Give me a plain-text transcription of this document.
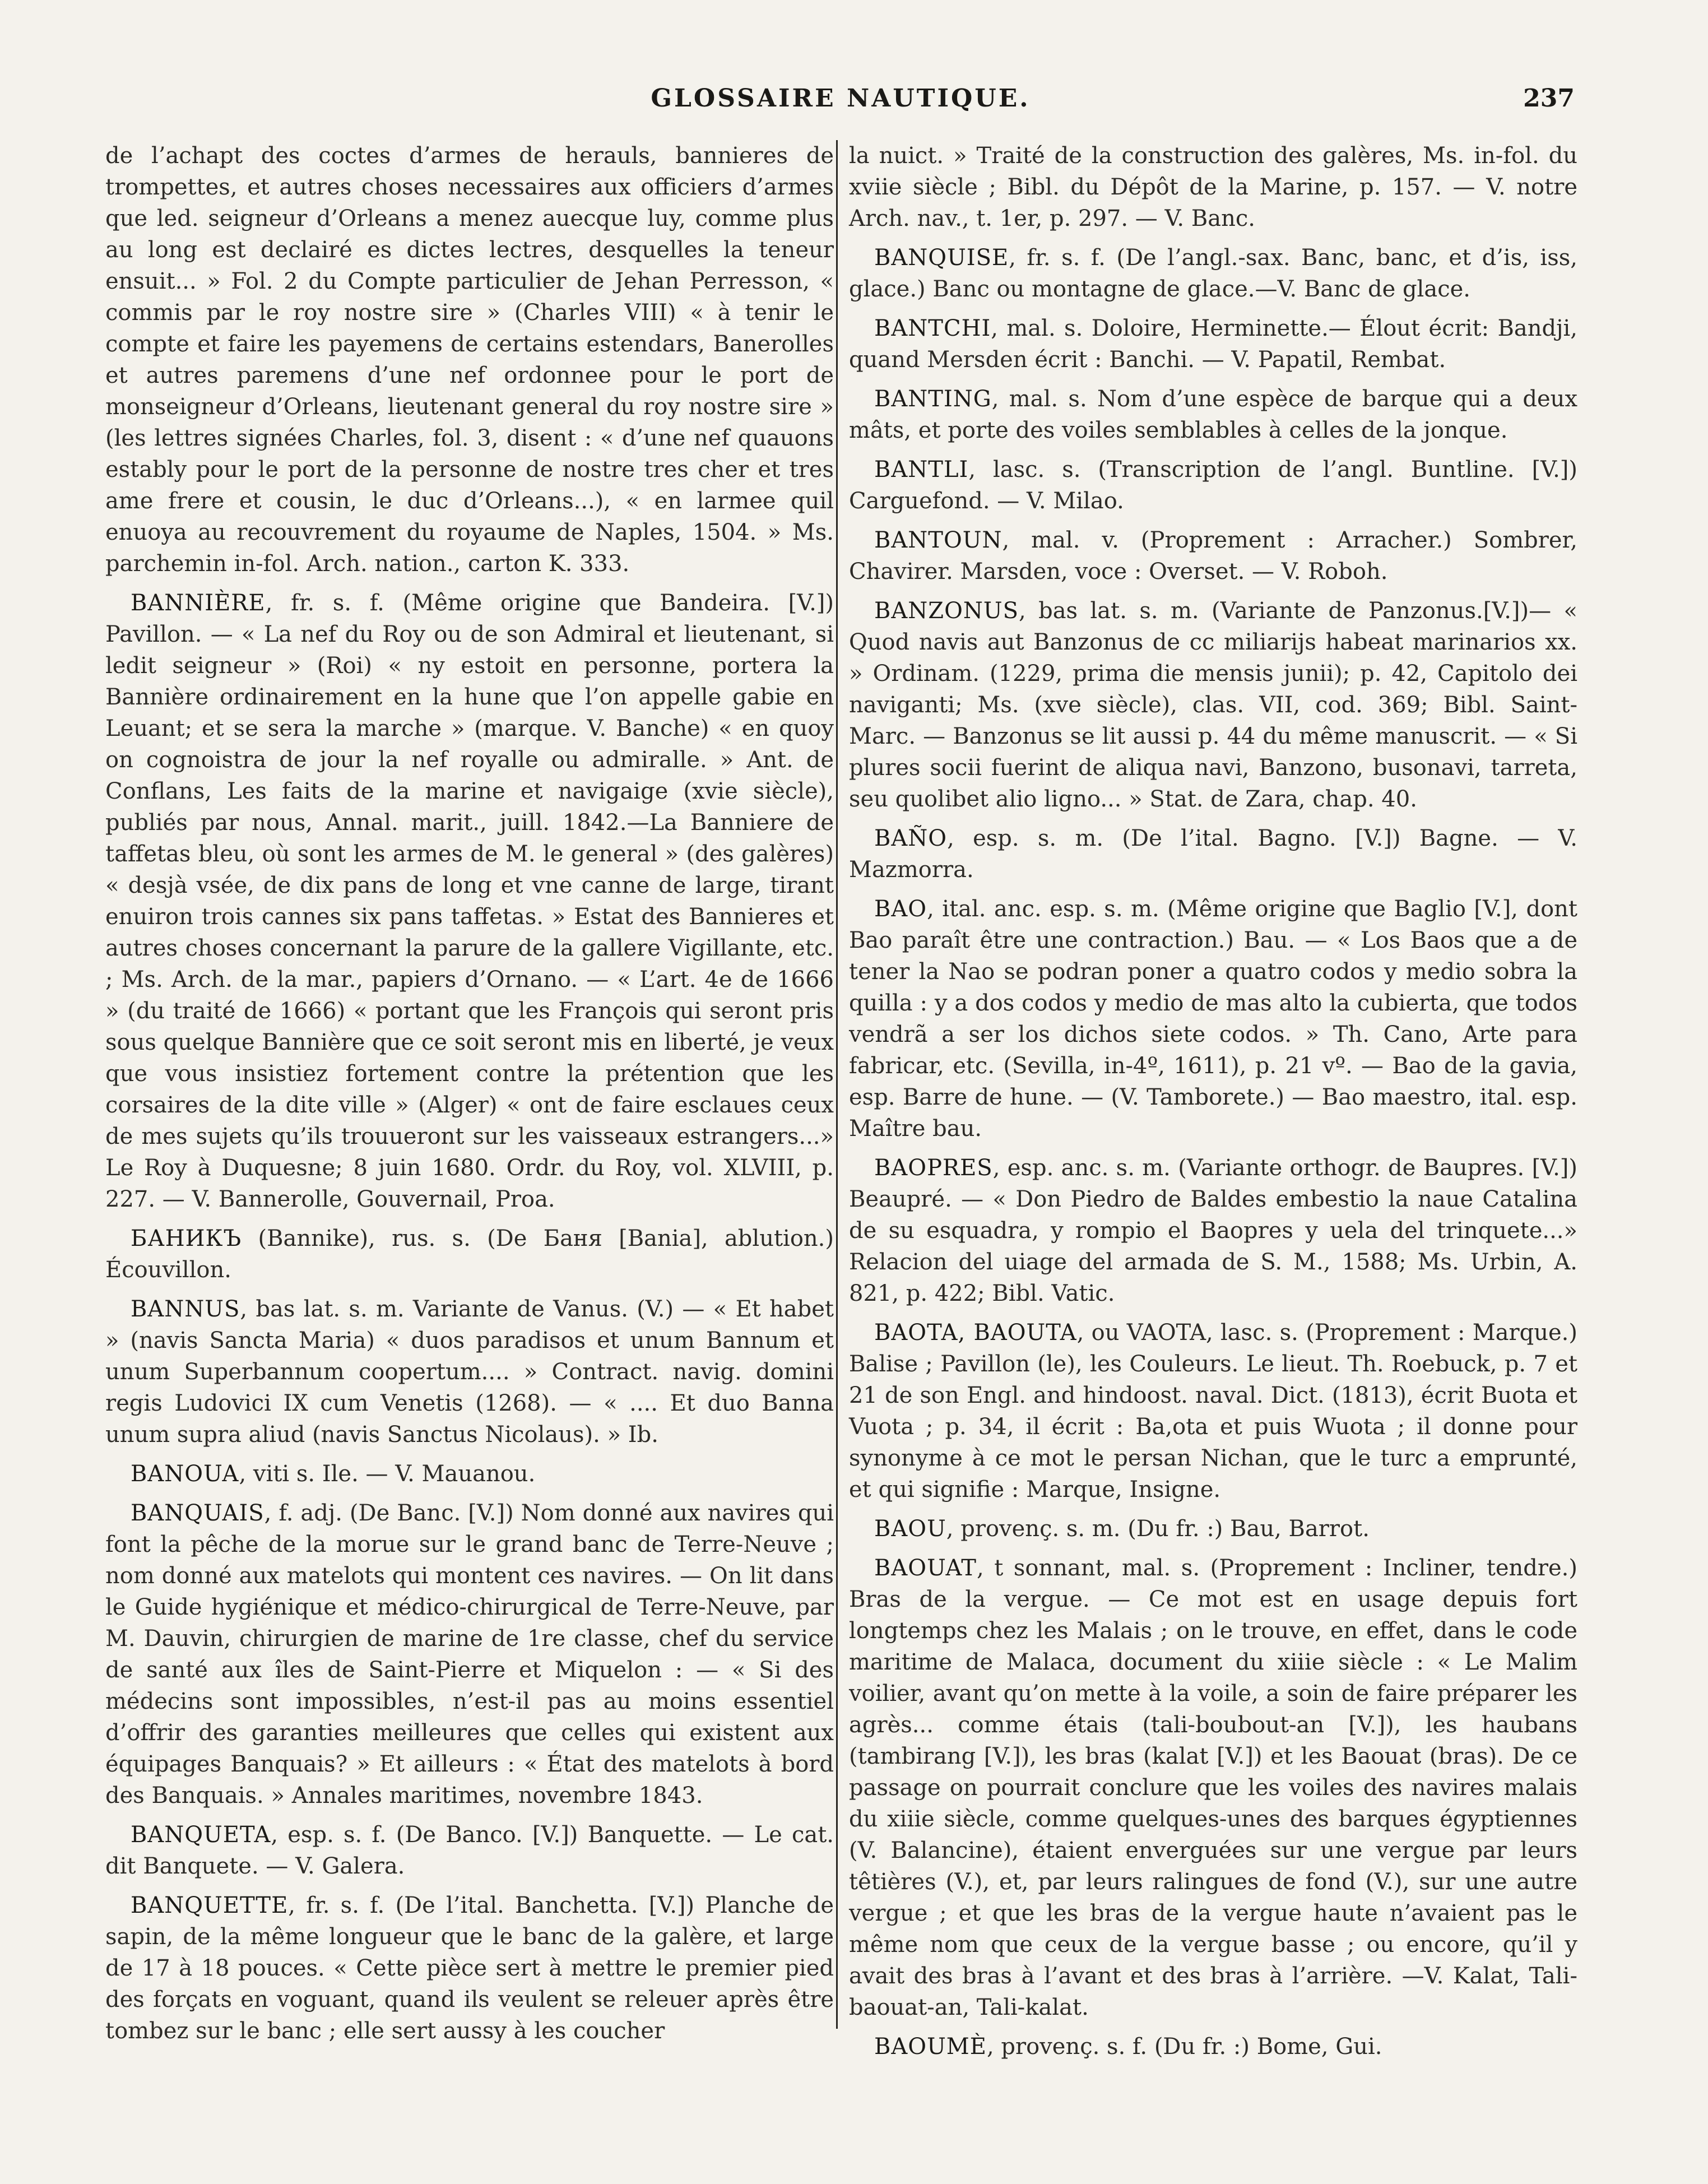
GLOSSAIRE NAUTIQUE.	237

de l’achapt des coctes d’armes de herauls, bannieres de trompettes, et autres choses necessaires aux officiers d’armes que led. seigneur d’Orleans a menez auecque luy, comme plus au long est declairé es dictes lectres, desquelles la teneur ensuit... » Fol. 2 du Compte particulier de Jehan Perresson, « commis par le roy nostre sire » (Charles VIII) « à tenir le compte et faire les payemens de certains estendars, Banerolles et autres paremens d’une nef ordonnee pour le port de monseigneur d’Orleans, lieutenant general du roy nostre sire » (les lettres signées Charles, fol. 3, disent : « d’une nef quauons estably pour le port de la personne de nostre tres cher et tres ame frere et cousin, le duc d’Orleans...), « en larmee quil enuoya au recouvrement du royaume de Naples, 1504. » Ms. parchemin in-fol. Arch. nation., carton K. 333.

BANNIÈRE, fr. s. f. (Même origine que Bandeira. [V.]) Pavillon. — « La nef du Roy ou de son Admiral et lieutenant, si ledit seigneur » (Roi) « ny estoit en personne, portera la Bannière ordinairement en la hune que l’on appelle gabie en Leuant; et se sera la marche » (marque. V. Banche) « en quoy on cognoistra de jour la nef royalle ou admiralle. » Ant. de Conflans, Les faits de la marine et navigaige (xvie siècle), publiés par nous, Annal. marit., juill. 1842.—La Banniere de taffetas bleu, où sont les armes de M. le general » (des galères) « desjà vsée, de dix pans de long et vne canne de large, tirant enuiron trois cannes six pans taffetas. » Estat des Bannieres et autres choses concernant la parure de la gallere Vigillante, etc. ; Ms. Arch. de la mar., papiers d’Ornano. — « L’art. 4e de 1666 » (du traité de 1666) « portant que les François qui seront pris sous quelque Bannière que ce soit seront mis en liberté, je veux que vous insistiez fortement contre la prétention que les corsaires de la dite ville » (Alger) « ont de faire esclaues ceux de mes sujets qu’ils trouueront sur les vaisseaux estrangers...» Le Roy à Duquesne; 8 juin 1680. Ordr. du Roy, vol. XLVIII, p. 227. — V. Bannerolle, Gouvernail, Proa.

БАНИКЪ (Bannike), rus. s. (De Баня [Bania], ablution.) Écouvillon.

BANNUS, bas lat. s. m. Variante de Vanus. (V.) — « Et habet » (navis Sancta Maria) « duos paradisos et unum Bannum et unum Superbannum coopertum.... » Contract. navig. domini regis Ludovici IX cum Venetis (1268). — « .... Et duo Banna unum supra aliud (navis Sanctus Nicolaus). » Ib.

BANOUA, viti s. Ile. — V. Mauanou.

BANQUAIS, f. adj. (De Banc. [V.]) Nom donné aux navires qui font la pêche de la morue sur le grand banc de Terre-Neuve ; nom donné aux matelots qui montent ces navires. — On lit dans le Guide hygiénique et médico-chirurgical de Terre-Neuve, par M. Dauvin, chirurgien de marine de 1re classe, chef du service de santé aux îles de Saint-Pierre et Miquelon : — « Si des médecins sont impossibles, n’est-il pas au moins essentiel d’offrir des garanties meilleures que celles qui existent aux équipages Banquais? » Et ailleurs : « État des matelots à bord des Banquais. » Annales maritimes, novembre 1843.

BANQUETA, esp. s. f. (De Banco. [V.]) Banquette. — Le cat. dit Banquete. — V. Galera.

BANQUETTE, fr. s. f. (De l’ital. Banchetta. [V.]) Planche de sapin, de la même longueur que le banc de la galère, et large de 17 à 18 pouces. « Cette pièce sert à mettre le premier pied des forçats en voguant, quand ils veulent se releuer après être tombez sur le banc ; elle sert aussy à les coucher

la nuict. » Traité de la construction des galères, Ms. in-fol. du xviie siècle ; Bibl. du Dépôt de la Marine, p. 157. — V. notre Arch. nav., t. 1er, p. 297. — V. Banc.

BANQUISE, fr. s. f. (De l’angl.-sax. Banc, banc, et d’is, iss, glace.) Banc ou montagne de glace.—V. Banc de glace.

BANTCHI, mal. s. Doloire, Herminette.— Élout écrit: Bandji, quand Mersden écrit : Banchi. — V. Papatil, Rembat.

BANTING, mal. s. Nom d’une espèce de barque qui a deux mâts, et porte des voiles semblables à celles de la jonque.

BANTLI, lasc. s. (Transcription de l’angl. Buntline. [V.]) Carguefond. — V. Milao.

BANTOUN, mal. v. (Proprement : Arracher.) Sombrer, Chavirer. Marsden, voce : Overset. — V. Roboh.

BANZONUS, bas lat. s. m. (Variante de Panzonus.[V.])— « Quod navis aut Banzonus de cc miliarijs habeat marinarios xx. » Ordinam. (1229, prima die mensis junii); p. 42, Capitolo dei naviganti; Ms. (xve siècle), clas. VII, cod. 369; Bibl. Saint- Marc. — Banzonus se lit aussi p. 44 du même manuscrit. — « Si plures socii fuerint de aliqua navi, Banzono, busonavi, tarreta, seu quolibet alio ligno... » Stat. de Zara, chap. 40.

BAÑO, esp. s. m. (De l’ital. Bagno. [V.]) Bagne. — V. Mazmorra.

BAO, ital. anc. esp. s. m. (Même origine que Baglio [V.], dont Bao paraît être une contraction.) Bau. — « Los Baos que a de tener la Nao se podran poner a quatro codos y medio sobra la quilla : y a dos codos y medio de mas alto la cubierta, que todos vendrã a ser los dichos siete codos. » Th. Cano, Arte para fabricar, etc. (Sevilla, in-4º, 1611), p. 21 vº. — Bao de la gavia, esp. Barre de hune. — (V. Tamborete.) — Bao maestro, ital. esp. Maître bau.

BAOPRES, esp. anc. s. m. (Variante orthogr. de Baupres. [V.]) Beaupré. — « Don Piedro de Baldes embestio la naue Catalina de su esquadra, y rompio el Baopres y uela del trinquete...» Relacion del uiage del armada de S. M., 1588; Ms. Urbin, A. 821, p. 422; Bibl. Vatic.

BAOTA, BAOUTA, ou VAOTA, lasc. s. (Proprement : Marque.) Balise ; Pavillon (le), les Couleurs. Le lieut. Th. Roebuck, p. 7 et 21 de son Engl. and hindoost. naval. Dict. (1813), écrit Buota et Vuota ; p. 34, il écrit : Ba,ota et puis Wuota ; il donne pour synonyme à ce mot le persan Nichan, que le turc a emprunté, et qui signifie : Marque, Insigne.

BAOU, provenç. s. m. (Du fr. :) Bau, Barrot.

BAOUAT, t sonnant, mal. s. (Proprement : Incliner, tendre.) Bras de la vergue. — Ce mot est en usage depuis fort longtemps chez les Malais ; on le trouve, en effet, dans le code maritime de Malaca, document du xiiie siècle : « Le Malim voilier, avant qu’on mette à la voile, a soin de faire préparer les agrès... comme étais (tali-boubout-an [V.]), les haubans (tambirang [V.]), les bras (kalat [V.]) et les Baouat (bras). De ce passage on pourrait conclure que les voiles des navires malais du xiiie siècle, comme quelques-unes des barques égyptiennes (V. Balancine), étaient enverguées sur une vergue par leurs têtières (V.), et, par leurs ralingues de fond (V.), sur une autre vergue ; et que les bras de la vergue haute n’avaient pas le même nom que ceux de la vergue basse ; ou encore, qu’il y avait des bras à l’avant et des bras à l’arrière. —V. Kalat, Tali-baouat-an, Tali-kalat.

BAOUMÈ, provenç. s. f. (Du fr. :) Bome, Gui.
